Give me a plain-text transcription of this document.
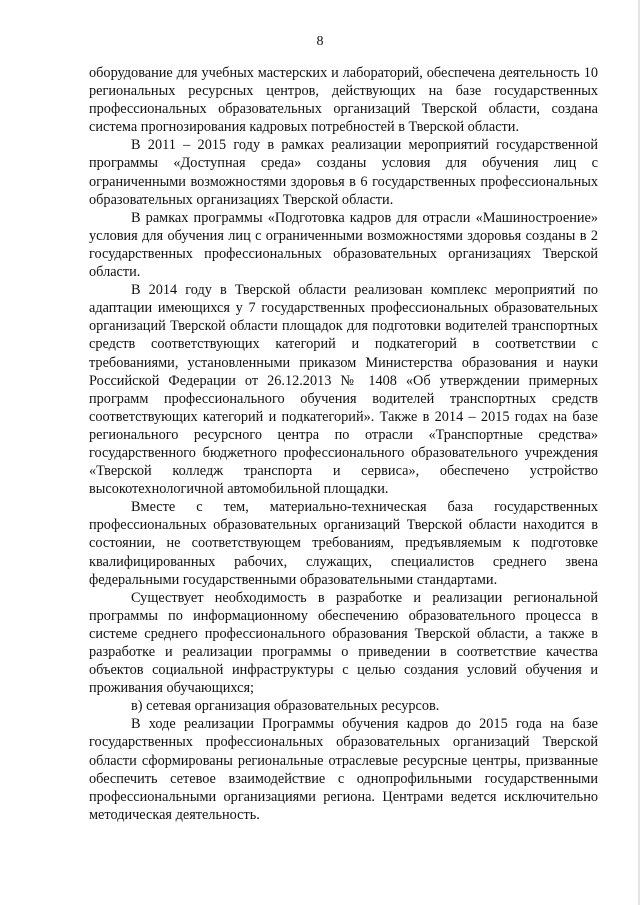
8

оборудование для учебных мастерских и лабораторий, обеспечена деятельность 10 региональных ресурсных центров, действующих на базе государственных профессиональных образовательных организаций Тверской области, создана система прогнозирования кадровых потребностей в Тверской области.

В 2011 – 2015 году в рамках реализации мероприятий государственной программы «Доступная среда» созданы условия для обучения лиц с ограниченными возможностями здоровья в 6 государственных профессиональных образовательных организациях Тверской области.

В рамках программы «Подготовка кадров для отрасли «Машиностроение» условия для обучения лиц с ограниченными возможностями здоровья созданы в 2 государственных профессиональных образовательных организациях Тверской области.

В 2014 году в Тверской области реализован комплекс мероприятий по адаптации имеющихся у 7 государственных профессиональных образовательных организаций Тверской области площадок для подготовки водителей транспортных средств соответствующих категорий и подкатегорий в соответствии с требованиями, установленными приказом Министерства образования и науки Российской Федерации от 26.12.2013 № 1408 «Об утверждении примерных программ профессионального обучения водителей транспортных средств соответствующих категорий и подкатегорий». Также в 2014 – 2015 годах на базе регионального ресурсного центра по отрасли «Транспортные средства» государственного бюджетного профессионального образовательного учреждения «Тверской колледж транспорта и сервиса», обеспечено устройство высокотехнологичной автомобильной площадки.

Вместе с тем, материально-техническая база государственных профессиональных образовательных организаций Тверской области находится в состоянии, не соответствующем требованиям, предъявляемым к подготовке квалифицированных рабочих, служащих, специалистов среднего звена федеральными государственными образовательными стандартами.

Существует необходимость в разработке и реализации региональной программы по информационному обеспечению образовательного процесса в системе среднего профессионального образования Тверской области, а также в разработке и реализации программы о приведении в соответствие качества объектов социальной инфраструктуры с целью создания условий обучения и проживания обучающихся;

в) сетевая организация образовательных ресурсов.

В ходе реализации Программы обучения кадров до 2015 года на базе государственных профессиональных образовательных организаций Тверской области сформированы региональные отраслевые ресурсные центры, призванные обеспечить сетевое взаимодействие с однопрофильными государственными профессиональными организациями региона. Центрами ведется исключительно методическая деятельность.
